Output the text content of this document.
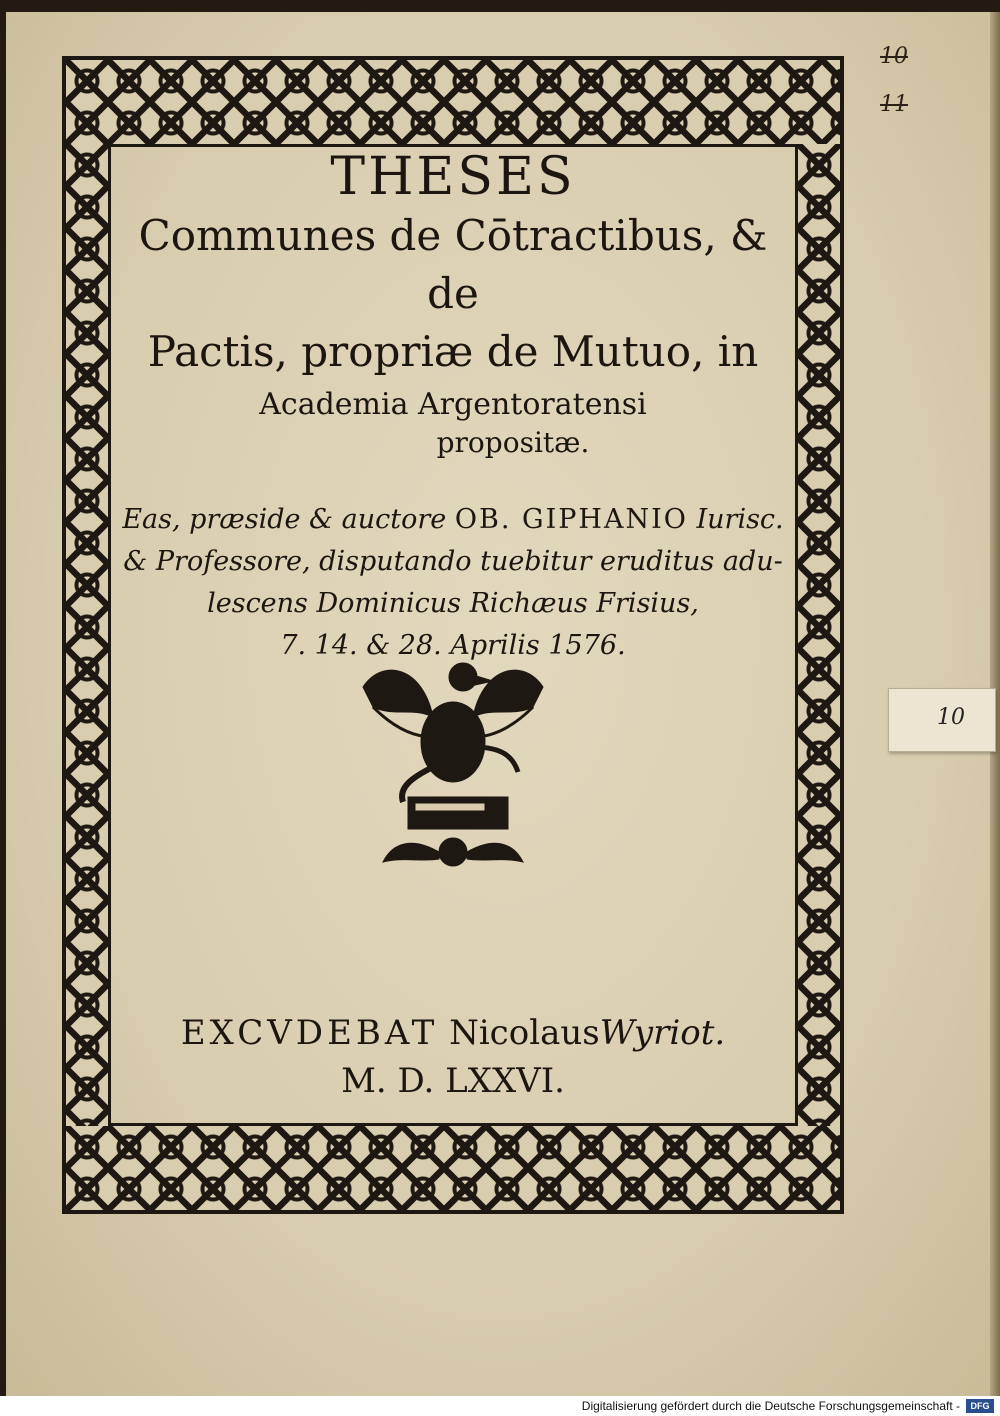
THESES
Communes de Cōtractibus, & de
Pactis, propriæ de Mutuo, in
Academia Argentoratensi
propositæ.
Eas, præside & auctore OB. GIPHANIO Iurisc.
& Professore, disputando tuebitur eruditus adu-
lescens Dominicus Richæus Frisius,
7. 14. & 28. Aprilis 1576.
EXCVDEBAT NicolausWyriot.
M. D. LXXVI.
10
11
10
Digitalisierung gefördert durch die Deutsche Forschungsgemeinschaft -	DFG
